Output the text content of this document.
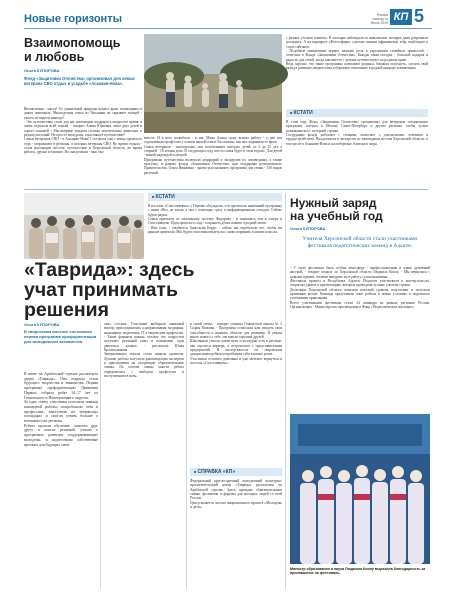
Новые горизонты	Россия
www.kp.ru
Июль 2019 КП 5
Взаимопомощь
и любовь
Ольга КУПОРОВА
Фонд «Защитники Отечества» организовал для семьи ветерана СВО отдых в усадьбе «Аскания-Нова».
Впечатления - масса! От уникальной природы нашего края, заповедника и диких животных. Многодетная семья из Чаплинки не скрывает эмоций - такого не видели никогда!
- Это путешествие стало для нас настоящим подарком в непростое время: я очень отдыхала всей семьей, - говорит Алина Юрьевна, жена двух детей и одного сыновей. - Мы впервые увидели столько экзотических животных и редких растений. Не просто экскурсия, а настоящее путешествие!
Семьи ветеранов СВО - в Асканию-Нова! Состоялся уже с конца прошлого года - отправляют в регионы, в которых ветераны СВО. Во время отдыха - стала настоящим мостом, путешествие в Херсонской области, во время работы, друзья и близкие. Но они решили - ваш быт.
вместе. И в него полюбили - и мы. Мама Алина сразу вышла работу - у неё вся отдыхающая профессия у членов нашей семьи. Рассказали, как мы сохранили от врага.
Семья ветеранов - многодетная, они воспитывают пятерых детей: от 3 до 15 лет, а старшей - 18 летняя дочь. В следующем году шесть семья будет в этом отдыхе. Для детей - нашей надеждой и опорой.
Программы путешествия включали дендрарий и экскурсию по заповеднику, а также прогулку, в рамках фонда «Защитники Отечества» при поддержке регионального Правительства. Ольга Ивановна - проект рассказывает, программа для семьи - 150 видов растений.
с разных уголков планеты. В зоопарке наблюдали за животными, которых даже разрешили погладить. А на маршруте «Фотосафари» сделали снимки африканских зебр, верблюдов и стадо сайгаков.
- Подобные инициативы играют важную роль в укреплении семейных ценностей, - отметили в Фонде «Защитники Отечества». Каждая такая поездка - большой подарок и радость для семей, когда они вместе с детьми путешествуют по родному краю.
Ведь хорошо, что такие программы позволяют родным, близким отдохнуть, сделать свой вклад в развитие патриотизма и бережное отношение к родной природе и животным.
■ КСТАТИ
В этом году Фонд «Защитники Отечества» организовал для ветеранов специальную программу поездок в Москву, Санкт-Петербург и другие регионы, чтобы лучше познакомиться с историей страны.
Сотрудники фонда работают с семьями, помогают с документами, лечением и трудоустройством. Продолжатся и экскурсии по заповедным местам Херсонской области, в том числе в Асканию-Нова и на побережье Азовского моря.
■ КСТАТИ
В поселке «Счастливцево» у Перевы обсуждали, что прочитали нынешний программу с ними «Вот, не знали, а она с помощью сразу и информационным стендом. Сейчас будем рады».
Семья приехали по маленькому поселку Федорова - и появились тем в лагере в Счастливцево. Идея прошлого года - сохранить детям память о родной земле.
- Нам тоже, - улыбается Анастасия Бердо, - сейчас мы отработали все, чтобы вы раньше приехали. Мы будем счастливы видеть вас снова и принять в наших классах.
«Таврида»: здесь
учат принимать
решения
Ольга КУПОРОВА
В творческом поселке состоялась первая программа профориентации для молодежных активистов.
В июне на Арабатской стрелке распахнула двери «Таврида». Она открыла сезон будущего творчества и знакомства. Первая программа профориентации Движения Первых собрала ребят 14–17 лет из Генического и Новотроицкого округов.
За одну смену участники получили навыки командной работы, попробовали себя в профессиях, выступили на творческих площадках и смогли узнать больше о возможностях региона.
Ребята прошли обучение, помогли друг другу в поиске решений, узнали о программах развития, поддерживающих молодежь, и подготовили собственные проекты для будущих смен.
ских сессиях. Участники выбирали знакомый вектор, присоединились к направлениям: медицина, инженерия, педагогика, IT и творческие профессии.
- Такие форматы важны, потому что подростки получают реальный опыт и понимание, куда двигаться дальше, - рассказала Юлия Красильникова.
Завершающим этапом стали защиты проектов. Лучшие работы получили рекомендации экспертов и приглашения на следующие образовательные смены. По итогам смены многие ребята определились с выбором профессии и поступлением в вузы.
и своей семье, - говорит ученица Генической школы № 3 София Волкова. - Программа позволила нам увидеть свои способности и выявить области для развития. Я узнала много нового о себе, мы нашли хороших друзей.
Школьники узнали, какие вузы и колледжи есть в регионе, как строится карьера, и встретились с представителями предприятий. В мастер-классах по творческим дисциплинам ребята попробовали себя в новых ролях.
Участники остались довольны и уже мечтают вернуться в поселок «Счастливцево».
■ СПРАВКА «КП»
Федеральный круглогодичный молодежный культурно-просветительский центр «Таврида» расположен на Арабатской стрелке. Здесь проходят образовательные смены, фестивали и форумы для молодых людей со всей России.
Центр является частью национального проекта «Молодежь и дети».
Нужный заряд
на учебный год
Ольга КУПОРОВА
Учителя Херсонской области стали участниками фестиваля педагогических команд в Адыгее.
- У этого фестиваля была особая атмосфера - профессионализм и очень душевный настрой, - говорит педагог из Херсонской области Людмила Коилу. - Мы вернулись с новыми идеями, готовые внедрить их в работу со школьниками.
Фестиваль прошел в Республике Адыгея. Педагоги участвовали в мастер-классах, открытых уроках и презентациях, которые проводили лучшие учителя страны.
Делегация Херсонской области показала высокий уровень подготовки и получила признание коллег. Команда представила опыт работы в новых условиях и поделилась успешными практиками.
Всего участниками фестиваля стали 24 команды из разных регионов России. Организаторы - Министерство просвещения и Фонд «Педагогическое наследие».
Министр образования и науки Людмила Коилу выразила благодарность за приглашение на фестиваль.
